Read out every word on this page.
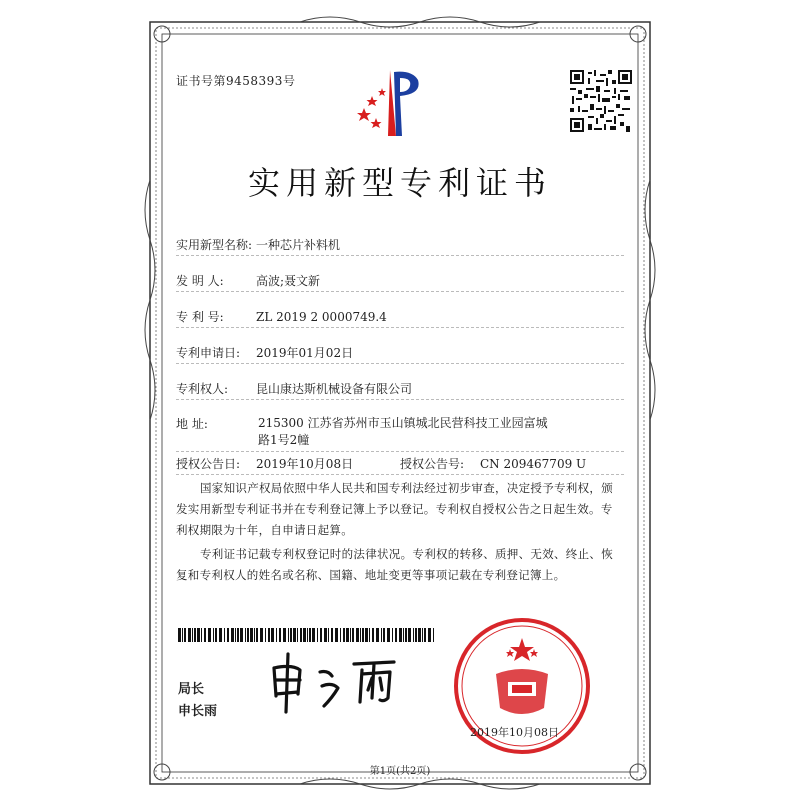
证书号第9458393号
实用新型专利证书
实用新型名称: 一种芯片补料机
发 明 人:	高波;聂文新
专 利 号:	ZL 2019 2 0000749.4
专利申请日: 2019年01月02日
专利权人: 昆山康达斯机械设备有限公司
地 址:	215300 江苏省苏州市玉山镇城北民营科技工业园富城路1号2幢
授权公告日: 2019年10月08日	授权公告号: CN 209467709 U
国家知识产权局依照中华人民共和国专利法经过初步审查，决定授予专利权，颁发实用新型专利证书并在专利登记簿上予以登记。专利权自授权公告之日起生效。专利权期限为十年，自申请日起算。
专利证书记载专利权登记时的法律状况。专利权的转移、质押、无效、终止、恢复和专利权人的姓名或名称、国籍、地址变更等事项记载在专利登记簿上。
局长
申长雨
2019年10月08日
第1页(共2页)
